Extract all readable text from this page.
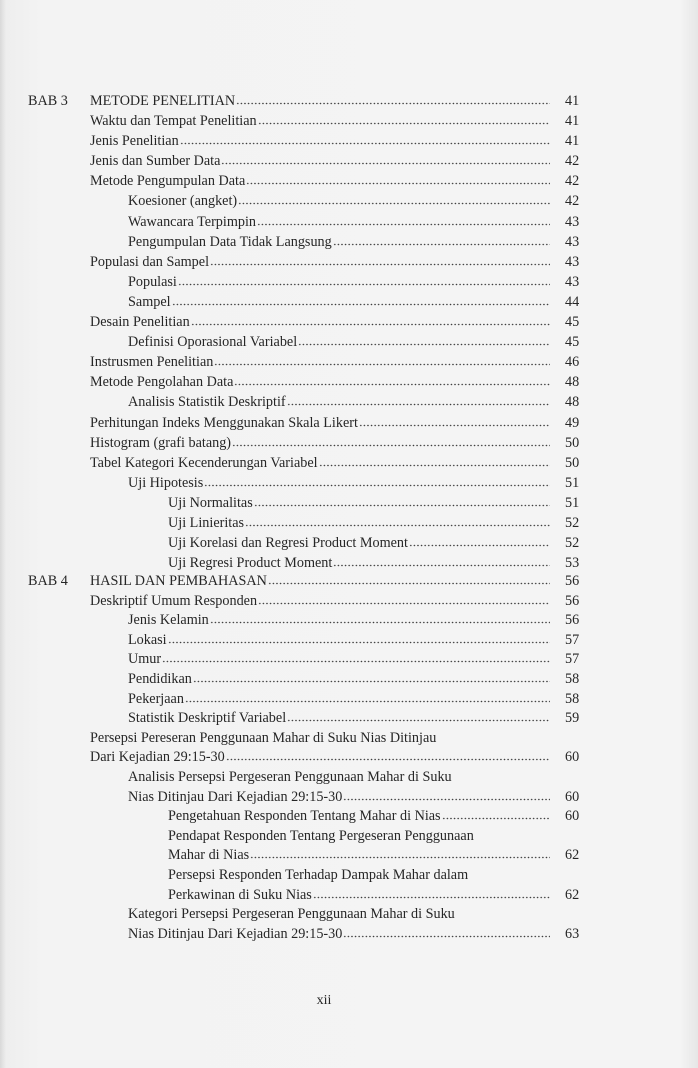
BAB 3 METODE PENELITIAN	41
Waktu dan Tempat Penelitian	41
Jenis Penelitian	41
Jenis dan Sumber Data	42
Metode Pengumpulan Data	42
Koesioner (angket)	42
Wawancara Terpimpin	43
Pengumpulan Data Tidak Langsung	43
Populasi dan Sampel	43
Populasi	43
Sampel	44
Desain Penelitian	45
Definisi Oporasional Variabel	45
Instrusmen Penelitian	46
Metode Pengolahan Data	48
Analisis Statistik Deskriptif	48
Perhitungan Indeks Menggunakan Skala Likert	49
Histogram (grafi batang)	50
Tabel Kategori Kecenderungan Variabel	50
Uji Hipotesis	51
Uji Normalitas	51
Uji Linieritas	52
Uji Korelasi dan Regresi Product Moment	52
Uji Regresi Product Moment	53
BAB 4 HASIL DAN PEMBAHASAN	56
Deskriptif Umum Responden	56
Jenis Kelamin	56
Lokasi	57
Umur	57
Pendidikan	58
Pekerjaan	58
Statistik Deskriptif Variabel	59
Persepsi Pereseran Penggunaan Mahar di Suku Nias Ditinjau
Dari Kejadian 29:15-30	60
Analisis Persepsi Pergeseran Penggunaan Mahar di Suku
Nias Ditinjau Dari Kejadian 29:15-30	60
Pengetahuan Responden Tentang Mahar di Nias	60
Pendapat Responden Tentang Pergeseran Penggunaan
Mahar di Nias	62
Persepsi Responden Terhadap Dampak Mahar dalam
Perkawinan di Suku Nias	62
Kategori Persepsi Pergeseran Penggunaan Mahar di Suku
Nias Ditinjau Dari Kejadian 29:15-30	63
xii
